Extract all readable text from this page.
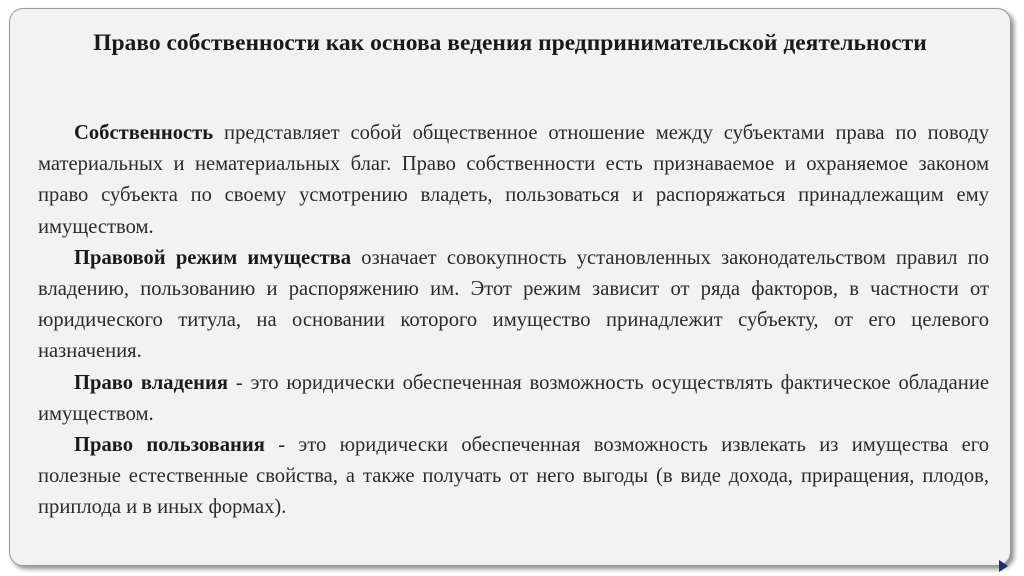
Право собственности как основа ведения предпринимательской деятельности

Собственность представляет собой общественное отношение между субъектами права по поводу материальных и нематериальных благ. Право собственности есть признаваемое и охраняемое законом право субъекта по своему усмотрению владеть, пользоваться и распоряжаться принадлежащим ему имуществом.

Правовой режим имущества означает совокупность установленных законодательством правил по владению, пользованию и распоряжению им. Этот режим зависит от ряда факторов, в частности от юридического титула, на основании которого имущество принадлежит субъекту, от его целевого назначения.

Право владения - это юридически обеспеченная возможность осуществлять фактическое обладание имуществом.

Право пользования - это юридически обеспеченная возможность извлекать из имущества его полезные естественные свойства, а также получать от него выгоды (в виде дохода, приращения, плодов, приплода и в иных формах).
